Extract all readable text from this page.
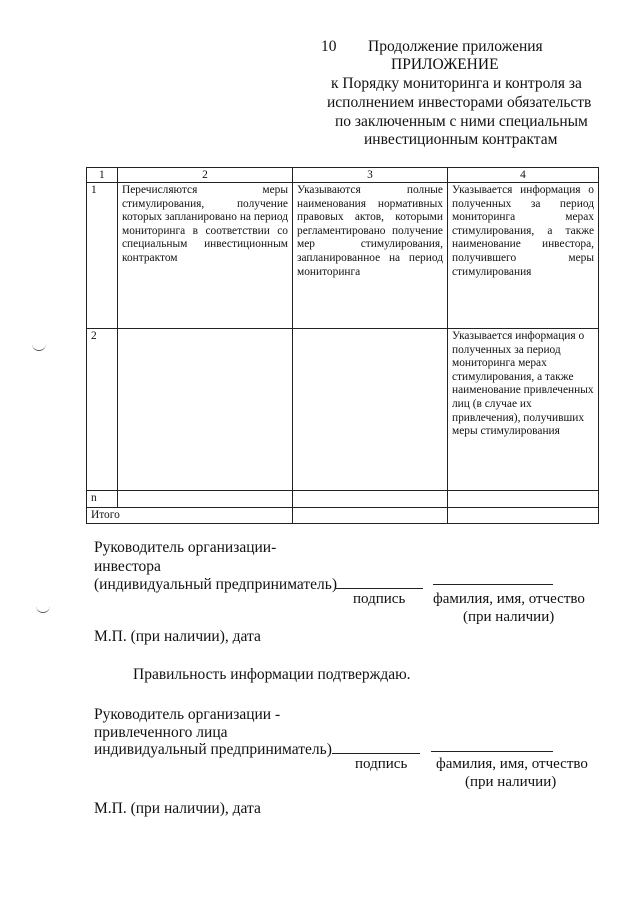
10 Продолжение приложения
ПРИЛОЖЕНИЕ
к Порядку мониторинга и контроля за
исполнением инвесторами обязательств
по заключенным с ними специальным
инвестиционным контрактам
1	2	3	4
1	Перечисляются меры стимулирования, получение которых запланировано на период мониторинга в соответствии со специальным инвестиционным контрактом	Указываются полные наименования нормативных правовых актов, которыми регламентировано получение мер стимулирования, запланированное на период мониторинга	Указывается информация о полученных за период мониторинга мерах стимулирования, а также наименование инвестора, получившего меры стимулирования

2			Указывается информация о полученных за период мониторинга мерах стимулирования, а также наименование привлеченных лиц (в случае их привлечения), получивших меры стимулирования

n			
Итого			
Руководитель организации-
инвестора
(индивидуальный предприниматель)
подпись фамилия, имя, отчество
(при наличии)
М.П. (при наличии), дата
Правильность информации подтверждаю.
Руководитель организации -
привлеченного лица
индивидуальный предприниматель)
подпись фамилия, имя, отчество
(при наличии)
М.П. (при наличии), дата
